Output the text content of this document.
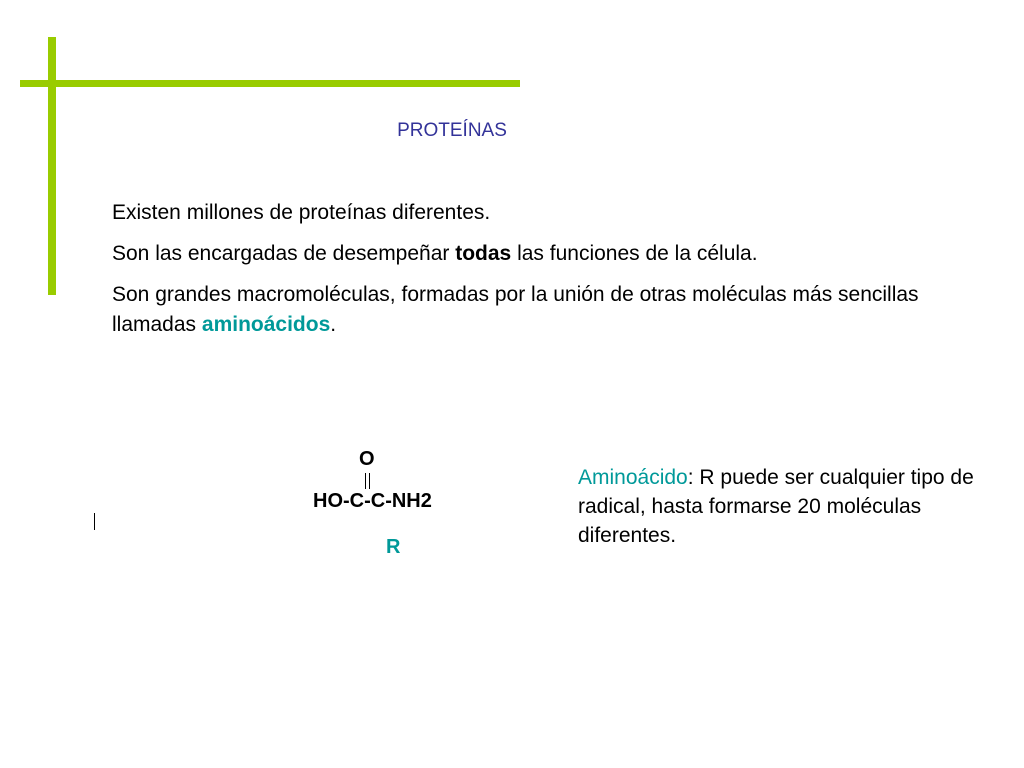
PROTEÍNAS

Existen millones de proteínas diferentes.

Son las encargadas de desempeñar todas las funciones de la célula.

Son grandes macromoléculas, formadas por la unión de otras moléculas más sencillas llamadas aminoácidos.

O
HO-C-C-NH2
R
Aminoácido: R puede ser cualquier tipo de radical, hasta formarse 20 moléculas diferentes.
